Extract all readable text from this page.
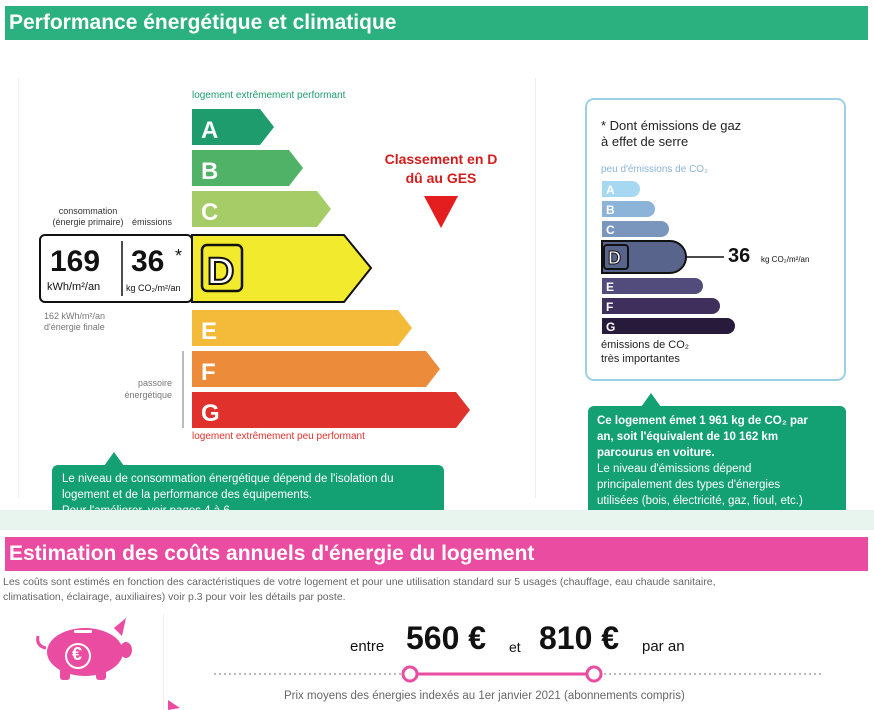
Performance énergétique et climatique
logement extrêmement performant
consommation
(énergie primaire) émissions
A
B
C
D
E
F
G
169
kWh/m²/an
36 *
kg CO₂/m²/an
162 kWh/m²/an
d'énergie finale
passoire
énergétique
logement extrêmement peu performant
Classement en D
dû au GES
Le niveau de consommation énergétique dépend de l'isolation du
logement et de la performance des équipements.
* Dont émissions de gaz
à effet de serre
peu d'émissions de CO₂
A
B
C
D
E
F
G
36 kg CO₂/m²/an
émissions de CO₂
très importantes
Ce logement émet 1 961 kg de CO₂ par
an, soit l'équivalent de 10 162 km
parcourus en voiture.
Le niveau d'émissions dépend
principalement des types d'énergies
utilisées (bois, électricité, gaz, fioul, etc.)
Estimation des coûts annuels d'énergie du logement
Les coûts sont estimés en fonction des caractéristiques de votre logement et pour une utilisation standard sur 5 usages (chauffage, eau chaude sanitaire,
climatisation, éclairage, auxiliaires) voir p.3 pour voir les détails par poste.
€	entre 560 € et 810 € par an
Prix moyens des énergies indexés au 1er janvier 2021 (abonnements compris)
